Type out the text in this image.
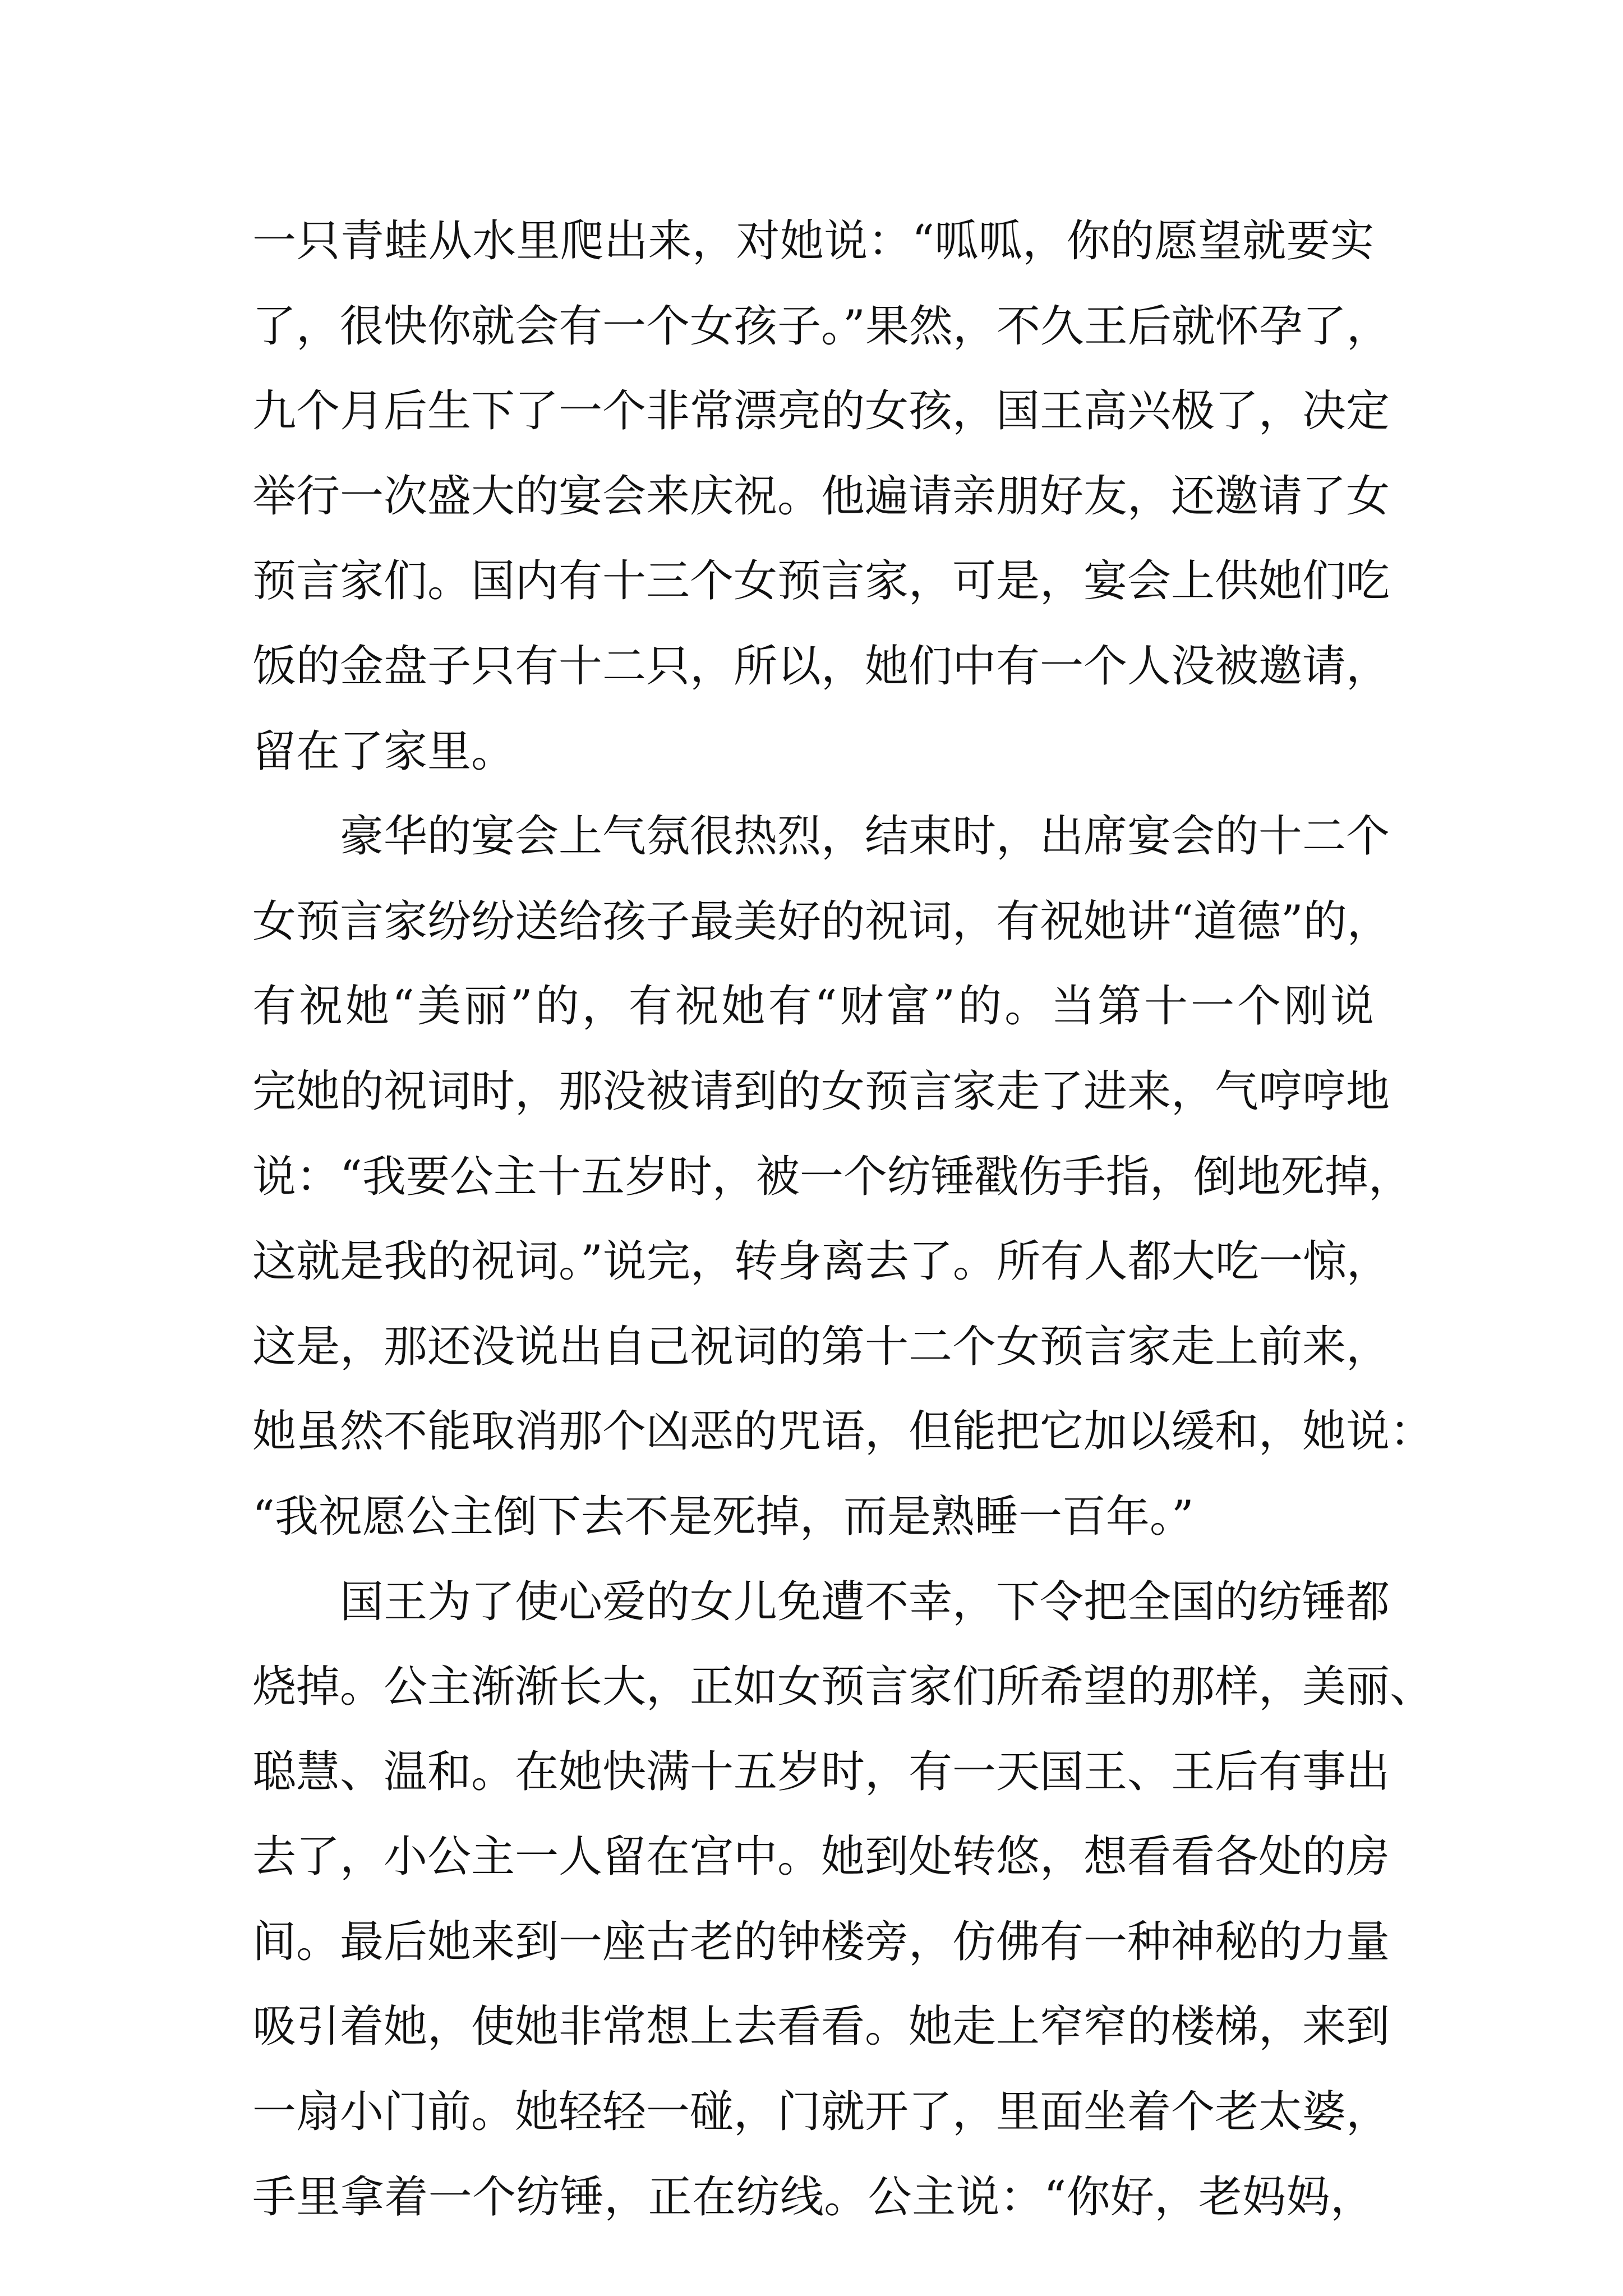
一只青蛙从水里爬出来，对她说：“呱呱，你的愿望就要实
了，很快你就会有一个女孩子。”果然，不久王后就怀孕了，
九个月后生下了一个非常漂亮的女孩，国王高兴极了，决定
举行一次盛大的宴会来庆祝。他遍请亲朋好友，还邀请了女
预言家们。国内有十三个女预言家，可是，宴会上供她们吃
饭的金盘子只有十二只，所以，她们中有一个人没被邀请，
留在了家里。
　　豪华的宴会上气氛很热烈，结束时，出席宴会的十二个
女预言家纷纷送给孩子最美好的祝词，有祝她讲“道德”的，
有祝她“美丽”的，有祝她有“财富”的。当第十一个刚说
完她的祝词时，那没被请到的女预言家走了进来，气哼哼地
说：“我要公主十五岁时，被一个纺锤戳伤手指，倒地死掉，
这就是我的祝词。”说完，转身离去了。所有人都大吃一惊，
这是，那还没说出自己祝词的第十二个女预言家走上前来，
她虽然不能取消那个凶恶的咒语，但能把它加以缓和，她说：
“我祝愿公主倒下去不是死掉，而是熟睡一百年。”
　　国王为了使心爱的女儿免遭不幸，下令把全国的纺锤都
烧掉。公主渐渐长大，正如女预言家们所希望的那样，美丽、
聪慧、温和。在她快满十五岁时，有一天国王、王后有事出
去了，小公主一人留在宫中。她到处转悠，想看看各处的房
间。最后她来到一座古老的钟楼旁，仿佛有一种神秘的力量
吸引着她，使她非常想上去看看。她走上窄窄的楼梯，来到
一扇小门前。她轻轻一碰，门就开了，里面坐着个老太婆，
手里拿着一个纺锤，正在纺线。公主说：“你好，老妈妈，
